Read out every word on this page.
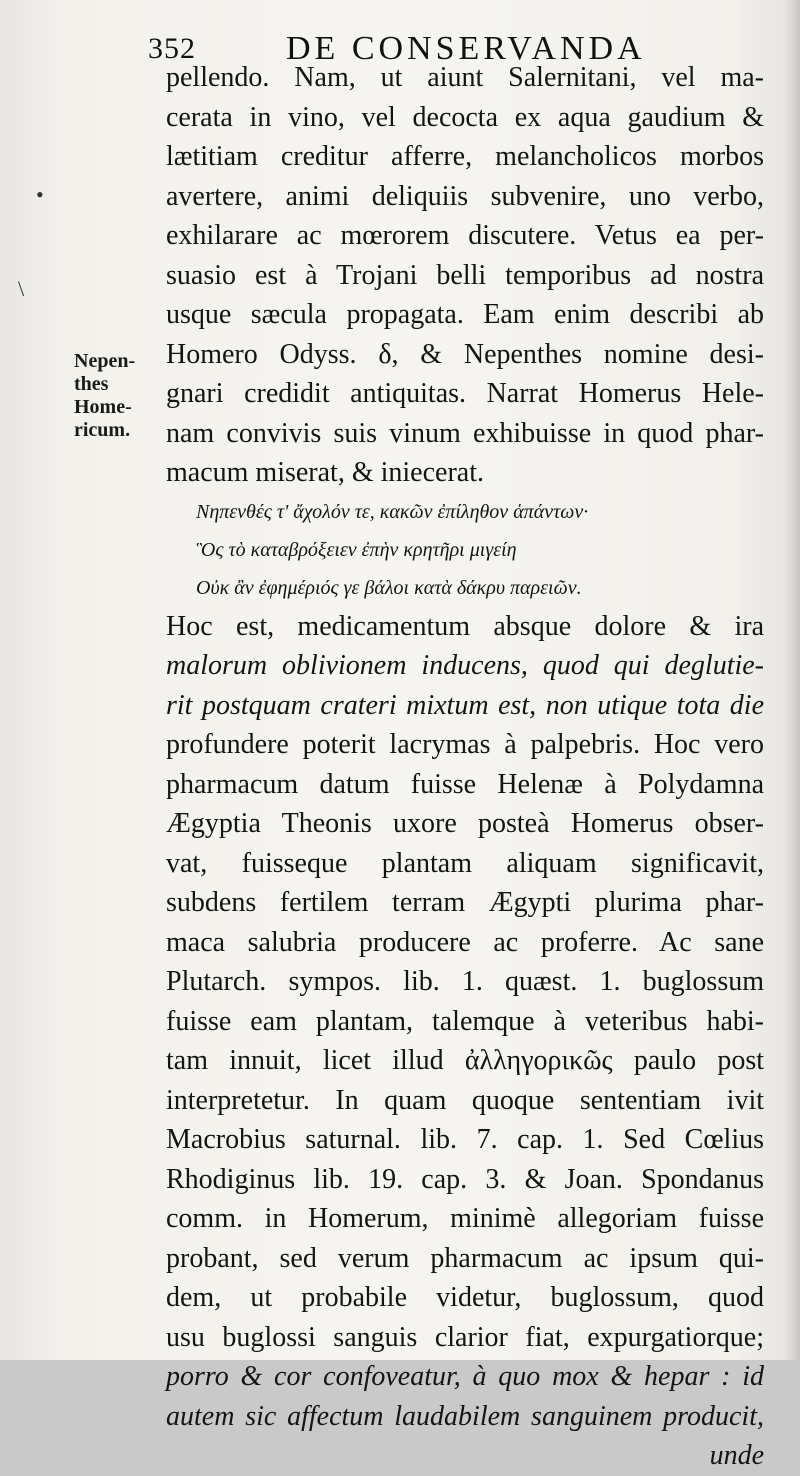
352	DE CONSERVANDA
•
\
Nepen-
thes
Home-
ricum.
pellendo. Nam, ut aiunt Salernitani, vel ma-
cerata in vino, vel decocta ex aqua gaudium &
lætitiam creditur afferre, melancholicos morbos
avertere, animi deliquiis subvenire, uno verbo,
exhilarare ac mœrorem discutere. Vetus ea per-
suasio est à Trojani belli temporibus ad nostra
usque sæcula propagata. Eam enim describi ab
Homero Odyss. δ, & Nepenthes nomine desi-
gnari credidit antiquitas. Narrat Homerus Hele-
nam convivis suis vinum exhibuisse in quod phar-
macum miserat, & iniecerat.
Νηπενθές τ' ἄχολόν τε, κακῶν ἐπίληθον ἁπάντων·
Ὃς τὸ καταβρόξειεν ἐπὴν κρητῆρι μιγείη
Οὐκ ἂν ἐφημέριός γε βάλοι κατὰ δάκρυ παρειῶν.
Hoc est, medicamentum absque dolore & ira
malorum oblivionem inducens, quod qui deglutie-
rit postquam crateri mixtum est, non utique tota die
profundere poterit lacrymas à palpebris. Hoc vero
pharmacum datum fuisse Helenæ à Polydamna
Ægyptia Theonis uxore posteà Homerus obser-
vat, fuisseque plantam aliquam significavit,
subdens fertilem terram Ægypti plurima phar-
maca salubria producere ac proferre. Ac sane
Plutarch. sympos. lib. 1. quæst. 1. buglossum
fuisse eam plantam, talemque à veteribus habi-
tam innuit, licet illud ἀλληγορικῶς paulo post
interpretetur. In quam quoque sententiam ivit
Macrobius saturnal. lib. 7. cap. 1. Sed Cœlius
Rhodiginus lib. 19. cap. 3. & Joan. Spondanus
comm. in Homerum, minimè allegoriam fuisse
probant, sed verum pharmacum ac ipsum qui-
dem, ut probabile videtur, buglossum, quod
usu buglossi sanguis clarior fiat, expurgatiorque;
porro & cor confoveatur, à quo mox & hepar : id
autem sic affectum laudabilem sanguinem producit,
unde
